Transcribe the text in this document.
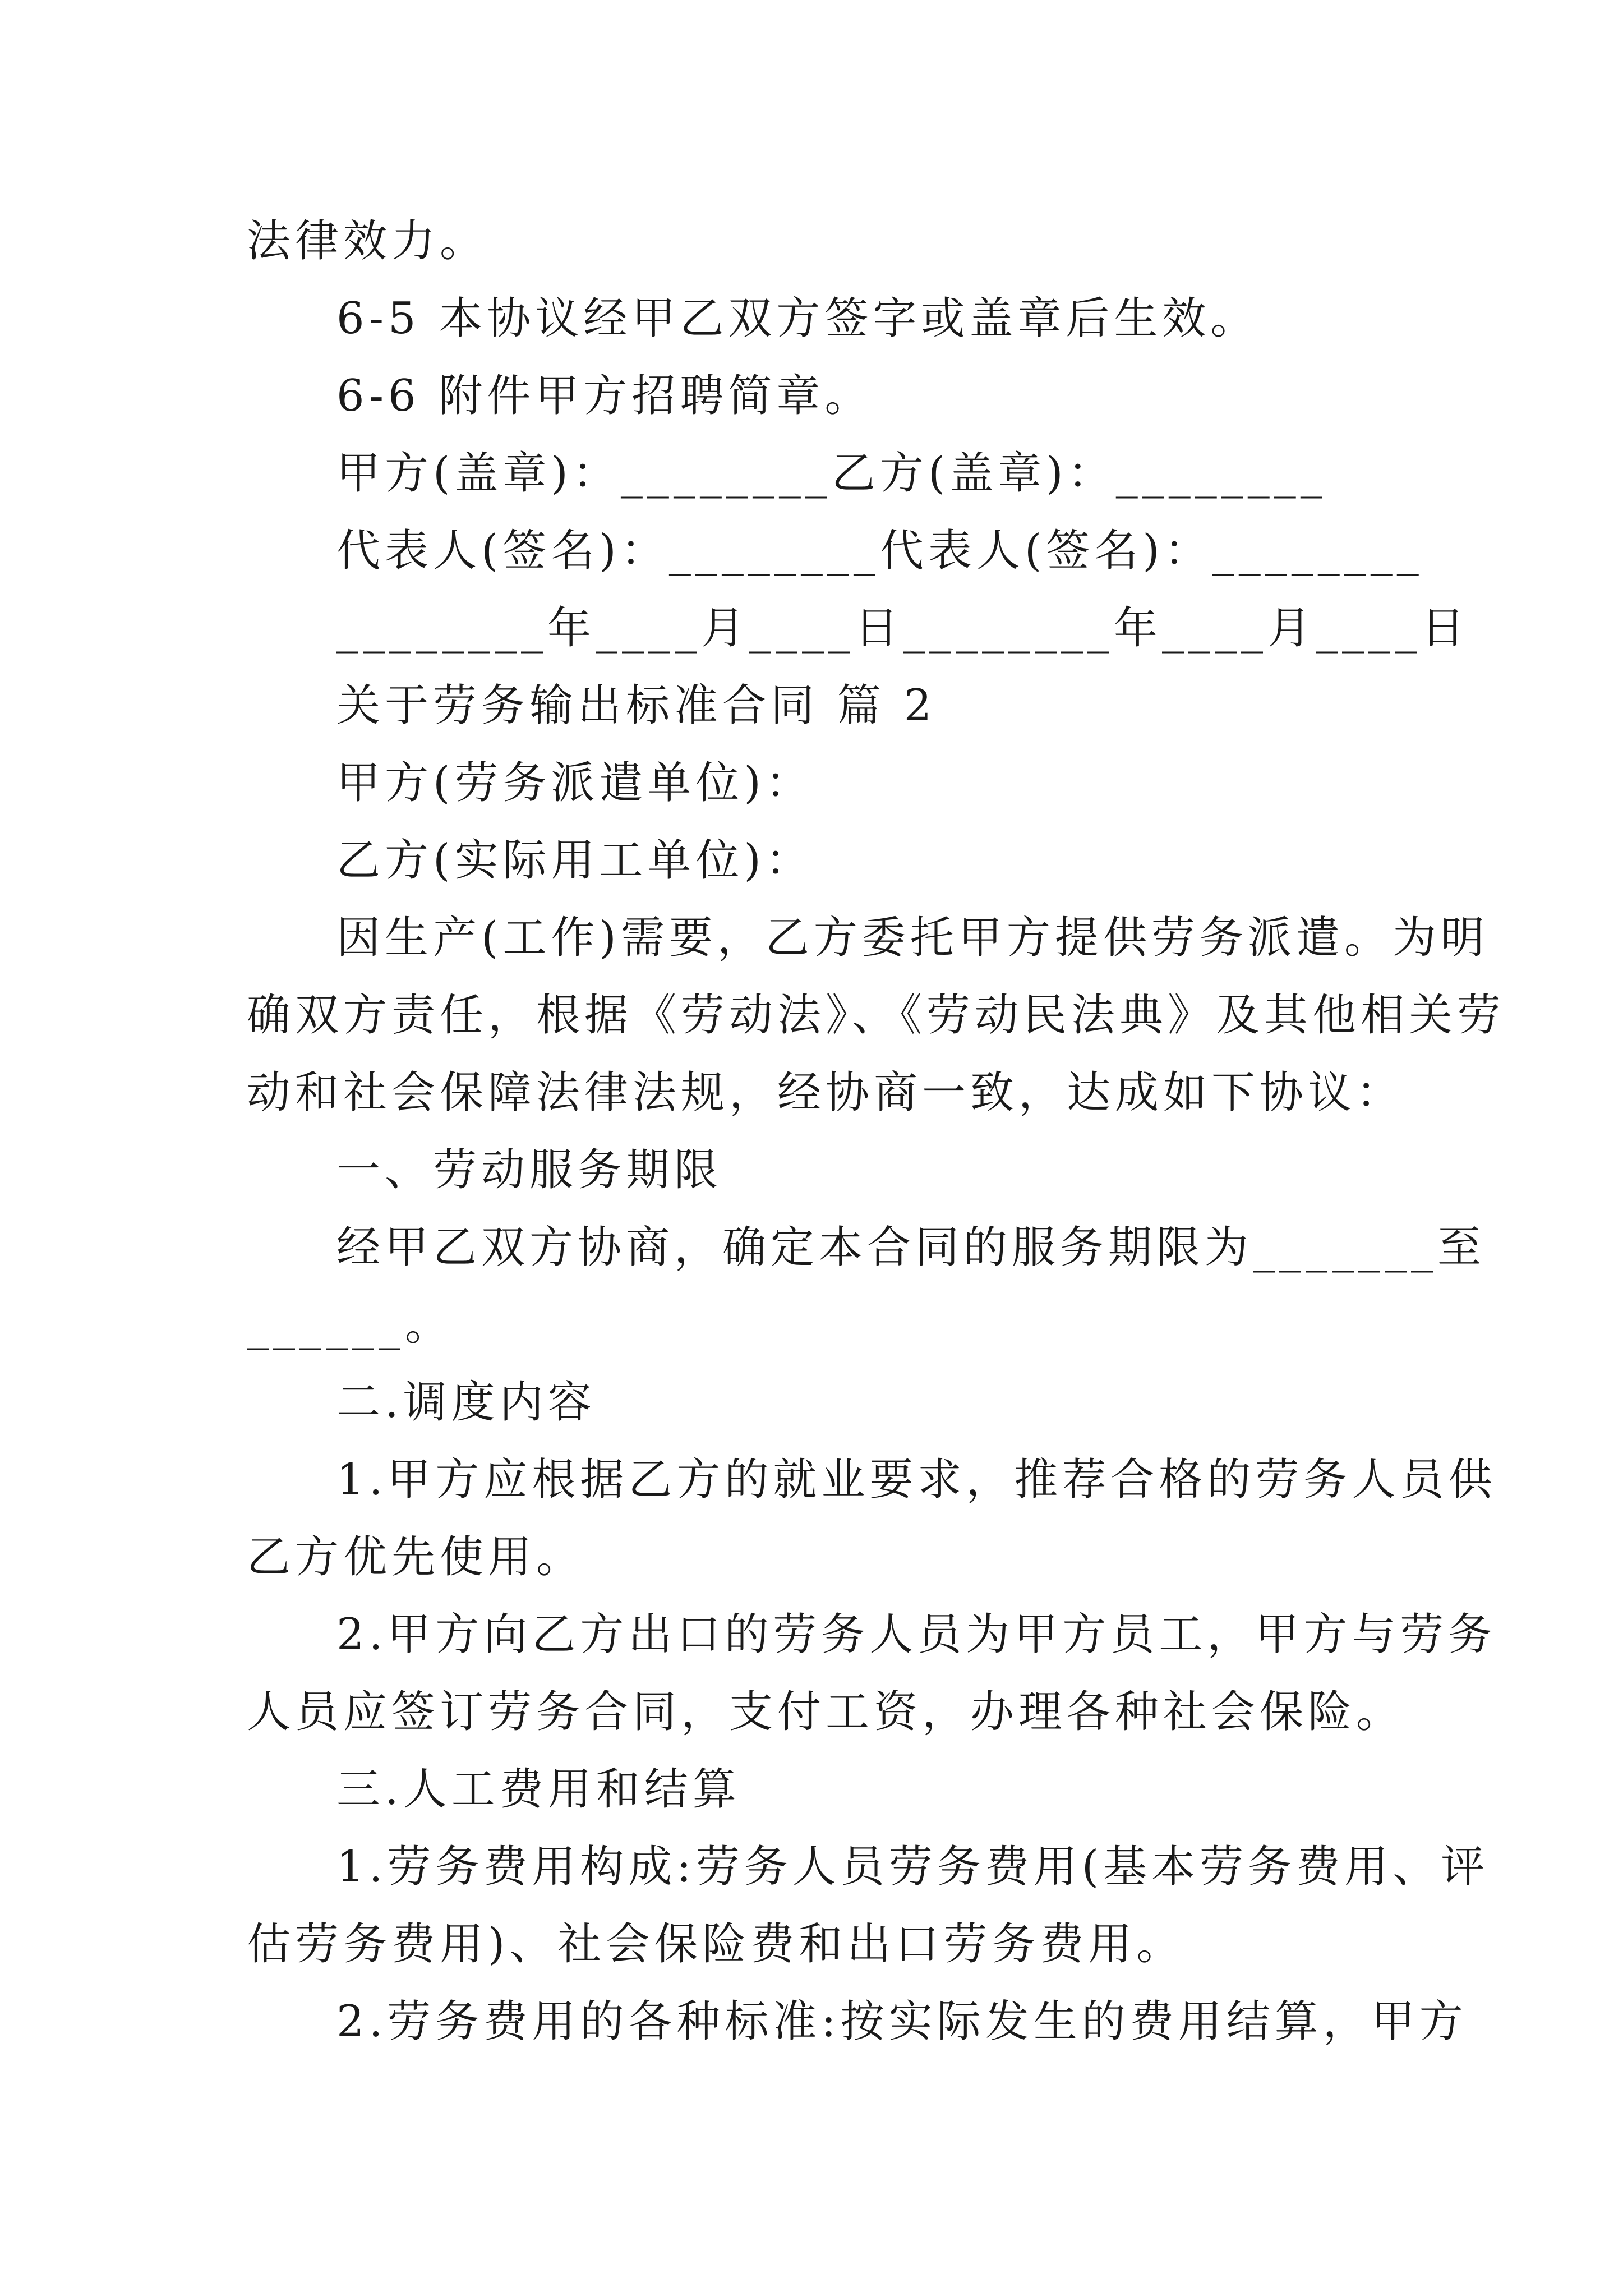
法律效力。
6-5 本协议经甲乙双方签字或盖章后生效。
6-6 附件甲方招聘简章。
甲方(盖章)：________乙方(盖章)：________
代表人(签名)：________代表人(签名)：________
________年____月____日________年____月____日
关于劳务输出标准合同 篇 2
甲方(劳务派遣单位)：
乙方(实际用工单位)：
因生产(工作)需要，乙方委托甲方提供劳务派遣。为明
确双方责任，根据《劳动法》、《劳动民法典》及其他相关劳
动和社会保障法律法规，经协商一致，达成如下协议：
一、劳动服务期限
经甲乙双方协商，确定本合同的服务期限为_______至
______。
二.调度内容
1.甲方应根据乙方的就业要求，推荐合格的劳务人员供
乙方优先使用。
2.甲方向乙方出口的劳务人员为甲方员工，甲方与劳务
人员应签订劳务合同，支付工资，办理各种社会保险。
三.人工费用和结算
1.劳务费用构成:劳务人员劳务费用(基本劳务费用、评
估劳务费用)、社会保险费和出口劳务费用。
2.劳务费用的各种标准:按实际发生的费用结算，甲方
